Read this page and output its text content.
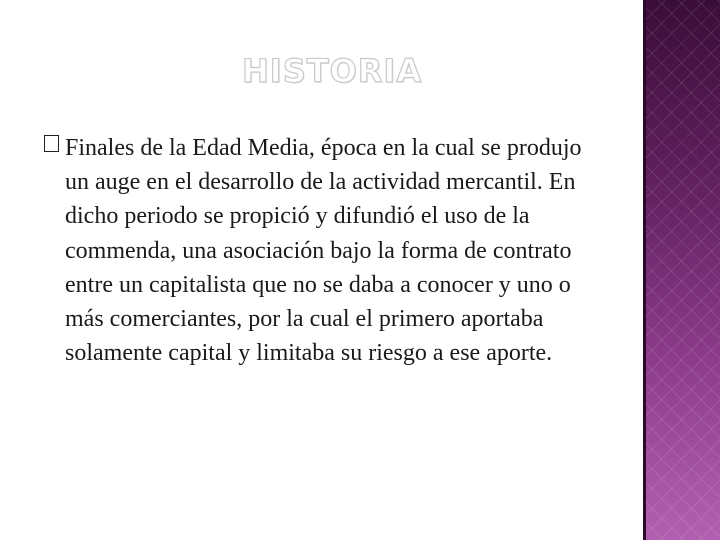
HISTORIA

Finales de la Edad Media, época en la cual se produjo un auge en el desarrollo de la actividad mercantil. En dicho periodo se propició y difundió el uso de la commenda, una asociación bajo la forma de contrato entre un capitalista que no se daba a conocer y uno o más comerciantes, por la cual el primero aportaba solamente capital y limitaba su riesgo a ese aporte.
